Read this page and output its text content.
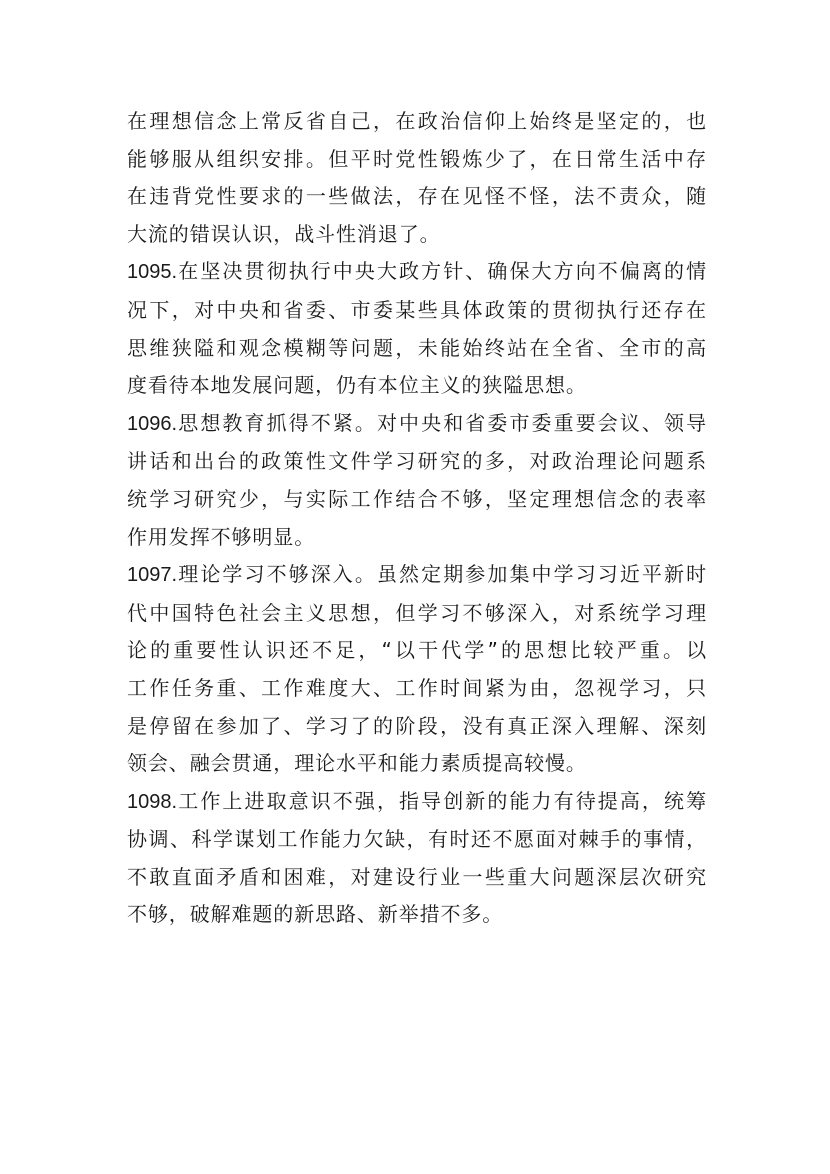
在理想信念上常反省自己，在政治信仰上始终是坚定的，也
能够服从组织安排。但平时党性锻炼少了，在日常生活中存
在违背党性要求的一些做法，存在见怪不怪，法不责众，随
大流的错误认识，战斗性消退了。
1095.在坚决贯彻执行中央大政方针、确保大方向不偏离的情
况下，对中央和省委、市委某些具体政策的贯彻执行还存在
思维狭隘和观念模糊等问题，未能始终站在全省、全市的高
度看待本地发展问题，仍有本位主义的狭隘思想。
1096.思想教育抓得不紧。对中央和省委市委重要会议、领导
讲话和出台的政策性文件学习研究的多，对政治理论问题系
统学习研究少，与实际工作结合不够，坚定理想信念的表率
作用发挥不够明显。
1097.理论学习不够深入。虽然定期参加集中学习习近平新时
代中国特色社会主义思想，但学习不够深入，对系统学习理
论的重要性认识还不足，“以干代学”的思想比较严重。以
工作任务重、工作难度大、工作时间紧为由，忽视学习，只
是停留在参加了、学习了的阶段，没有真正深入理解、深刻
领会、融会贯通，理论水平和能力素质提高较慢。
1098.工作上进取意识不强，指导创新的能力有待提高，统筹
协调、科学谋划工作能力欠缺，有时还不愿面对棘手的事情，
不敢直面矛盾和困难，对建设行业一些重大问题深层次研究
不够，破解难题的新思路、新举措不多。
